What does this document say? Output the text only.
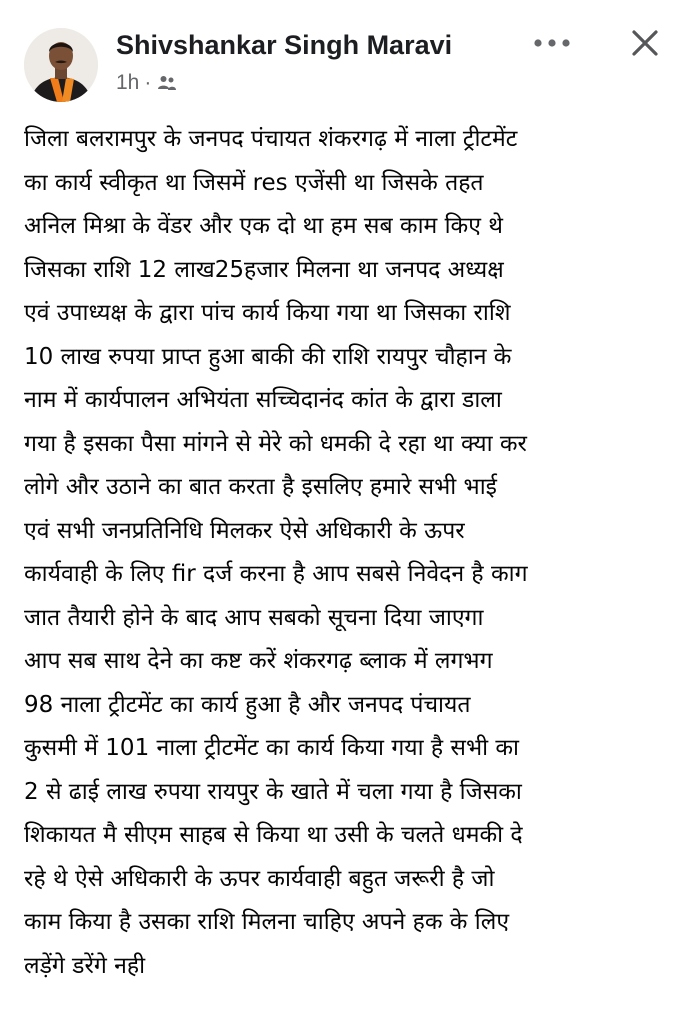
Shivshankar Singh Maravi
1h ·
जिला बलरामपुर के जनपद पंचायत शंकरगढ़ में नाला ट्रीटमेंट
का कार्य स्वीकृत था जिसमें res एजेंसी था जिसके तहत
अनिल मिश्रा के वेंडर और एक दो था हम सब काम किए थे
जिसका राशि 12 लाख25हजार मिलना था जनपद अध्यक्ष
एवं उपाध्यक्ष के द्वारा पांच कार्य किया गया था जिसका राशि
10 लाख रुपया प्राप्त हुआ बाकी की राशि रायपुर चौहान के
नाम में कार्यपालन अभियंता सच्चिदानंद कांत के द्वारा डाला
गया है इसका पैसा मांगने से मेरे को धमकी दे रहा था क्या कर
लोगे और उठाने का बात करता है इसलिए हमारे सभी भाई
एवं सभी जनप्रतिनिधि मिलकर ऐसे अधिकारी के ऊपर
कार्यवाही के लिए fir दर्ज करना है आप सबसे निवेदन है काग
जात तैयारी होने के बाद आप सबको सूचना दिया जाएगा
आप सब साथ देने का कष्ट करें शंकरगढ़ ब्लाक में लगभग
98 नाला ट्रीटमेंट का कार्य हुआ है और जनपद पंचायत
कुसमी में 101 नाला ट्रीटमेंट का कार्य किया गया है सभी का
2 से ढाई लाख रुपया रायपुर के खाते में चला गया है जिसका
शिकायत मै सीएम साहब से किया था उसी के चलते धमकी दे
रहे थे ऐसे अधिकारी के ऊपर कार्यवाही बहुत जरूरी है जो
काम किया है उसका राशि मिलना चाहिए अपने हक के लिए
लड़ेंगे डरेंगे नही
